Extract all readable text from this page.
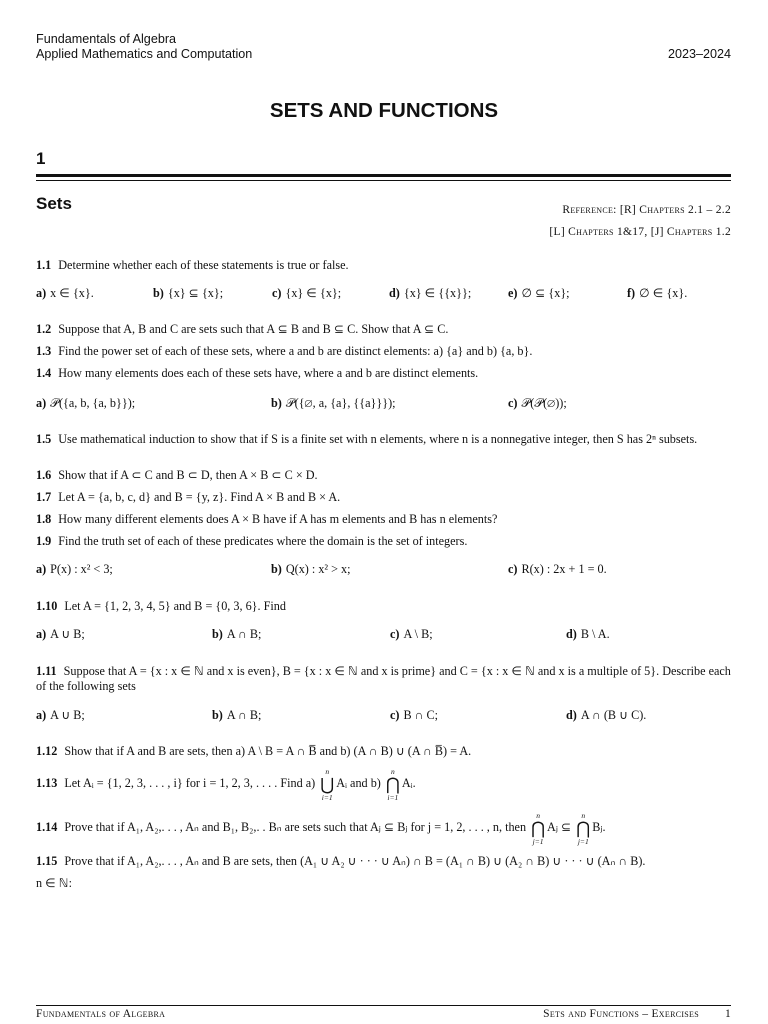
Fundamentals of Algebra
Applied Mathematics and Computation	2023–2024
SETS AND FUNCTIONS
1
Sets	Reference: [R] Chapters 2.1 – 2.2
[L] Chapters 1&17, [J] Chapters 1.2
1.1 Determine whether each of these statements is true or false.
a) x ∈ {x}.	b) {x} ⊆ {x};	c) {x} ∈ {x};	d) {x} ∈ {{x}};	e) ∅ ⊆ {x};	f) ∅ ∈ {x}.
1.2 Suppose that A, B and C are sets such that A ⊆ B and B ⊆ C. Show that A ⊆ C.
1.3 Find the power set of each of these sets, where a and b are distinct elements: a) {a} and b) {a, b}.
1.4 How many elements does each of these sets have, where a and b are distinct elements.
a) 𝒫({a, b, {a, b}});	b) 𝒫({∅, a, {a}, {{a}}});	c) 𝒫(𝒫(∅));
1.5 Use mathematical induction to show that if S is a finite set with n elements, where n is a nonnegative integer, then S has 2ⁿ subsets.
1.6 Show that if A ⊂ C and B ⊂ D, then A × B ⊂ C × D.
1.7 Let A = {a, b, c, d} and B = {y, z}. Find A × B and B × A.
1.8 How many different elements does A × B have if A has m elements and B has n elements?
1.9 Find the truth set of each of these predicates where the domain is the set of integers.
a) P(x) : x² < 3;	b) Q(x) : x² > x;	c) R(x) : 2x + 1 = 0.
1.10 Let A = {1, 2, 3, 4, 5} and B = {0, 3, 6}. Find
a) A ∪ B;	b) A ∩ B;	c) A \ B;	d) B \ A.
1.11 Suppose that A = {x : x ∈ ℕ and x is even}, B = {x : x ∈ ℕ and x is prime} and C = {x : x ∈ ℕ and x is a multiple of 5}. Describe each of the following sets
a) A ∪ B;	b) A ∩ B;	c) B ∩ C;	d) A ∩ (B ∪ C).
1.12 Show that if A and B are sets, then a) A \ B = A ∩ B̅ and b) (A ∩ B) ∪ (A ∩ B̅) = A.
1.13 Let Aᵢ = {1, 2, 3, . . . , i} for i = 1, 2, 3, . . . . Find a)
n
⋃
i=1
Aᵢ and b)
n
⋂
i=1
Aᵢ.
1.14 Prove that if A₁, A₂,. . . , Aₙ and B₁, B₂,. . Bₙ are sets such that Aⱼ ⊆ Bⱼ for j = 1, 2, . . . , n, then
n
⋂
j=1
Aⱼ ⊆
n
⋂
j=1
Bⱼ.
1.15 Prove that if A₁, A₂,. . . , Aₙ and B are sets, then (A₁ ∪ A₂ ∪ · · · ∪ Aₙ) ∩ B = (A₁ ∩ B) ∪ (A₂ ∩ B) ∪ · · · ∪ (Aₙ ∩ B).
n ∈ ℕ:
Fundamentals of Algebra	Sets and Functions – Exercises 1
